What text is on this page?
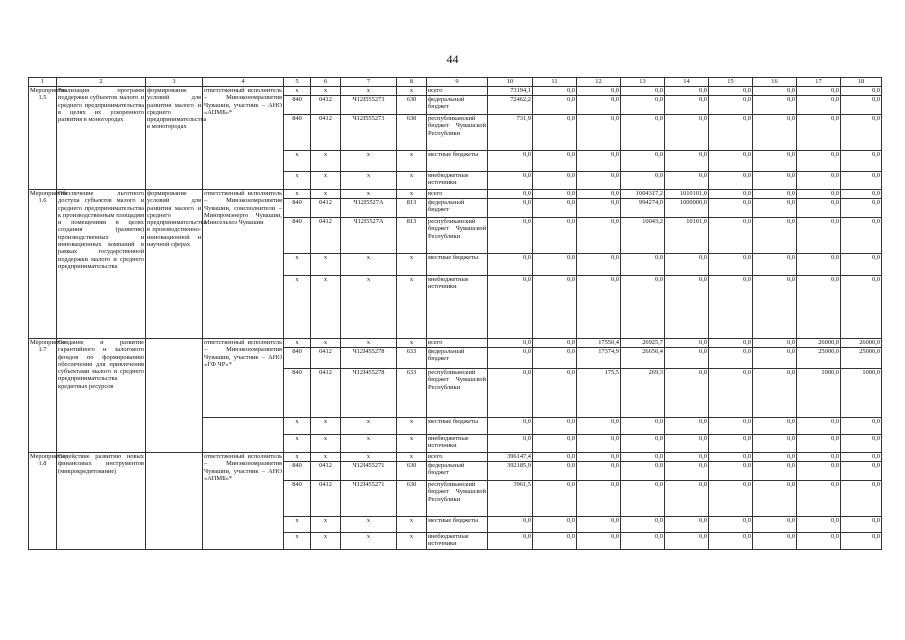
44
1	2	3	4	5	6	7	8	9	10	11	12	13	14	15	16	17	18
Мероприятие 1.5	Реализация программ поддержки субъектов малого и среднего предпринимательства в целях их ускоренного развития в моногородах	формирование условий для развития малого и среднего предпринимательства в моногородах	ответственный исполнитель – Минэкономразвития Чувашии, участник – АНО «АПМБ»*	x	x	x	x	всего	73194,1	0,0	0,0	0,0	0,0	0,0	0,0	0,0	0,0
				840	0412	Ч12I555273	630	федеральный бюджет	72462,2	0,0	0,0	0,0	0,0	0,0	0,0	0,0	0,0
				840	0412	Ч12I555273	630	республиканский бюджет Чувашской Республики	731,9	0,0	0,0	0,0	0,0	0,0	0,0	0,0	0,0
				x	x	x	x	местные бюджеты	0,0	0,0	0,0	0,0	0,0	0,0	0,0	0,0	0,0
				x	x	x	x	внебюджетные источники	0,0	0,0	0,0	0,0	0,0	0,0	0,0	0,0	0,0
Мероприятие 1.6	Обеспечение льготного доступа субъектов малого и среднего предпринимательства к производственным площадям и помещениям в целях создания (развития) производственных и инновационных компаний в рамках государственной поддержки малого и среднего предпринимательства	формирование условий для развития малого и среднего предпринимательства в производственно-инновационной и научной сферах	ответственный исполнитель – Минэкономразвития Чувашии, соисполнители – Минпромэнерго Чувашии, Минсельхоз Чувашии	x	x	x	x	всего	0,0	0,0	0,0	1004317,2	1010101,0	0,0	0,0	0,0	0,0
				840	0412	Ч12I5527А	813	федеральный бюджет	0,0	0,0	0,0	994274,0	1000000,0	0,0	0,0	0,0	0,0
				840	0412	Ч12I5527А	813	республиканский бюджет Чувашской Республики	0,0	0,0	0,0	10043,2	10101,0	0,0	0,0	0,0	0,0
				x	x	x	x	местные бюджеты	0,0	0,0	0,0	0,0	0,0	0,0	0,0	0,0	0,0
				x	x	x	x	внебюджетные источники	0,0	0,0	0,0	0,0	0,0	0,0	0,0	0,0	0,0
Мероприятие 1.7	Создание и развитие гарантийного и залогового фондов по формированию обеспечения для привлечения субъектами малого и среднего предпринимательства кредитных ресурсов		ответственный исполнитель – Минэкономразвития Чувашии, участник – АНО «ГФ ЧР»*	x	x	x	x	всего	0,0	0,0	17550,4	26925,7	0,0	0,0	0,0	26000,0	26000,0
				840	0412	Ч12I455278	633	федеральный бюджет	0,0	0,0	17374,9	26656,4	0,0	0,0	0,0	25000,0	25000,0
				840	0412	Ч12I455278	633	республиканский бюджет Чувашской Республики	0,0	0,0	175,5	269,3	0,0	0,0	0,0	1000,0	1000,0
				x	x	x	x	местные бюджеты	0,0	0,0	0,0	0,0	0,0	0,0	0,0	0,0	0,0
				x	x	x	x	внебюджетные источники	0,0	0,0	0,0	0,0	0,0	0,0	0,0	0,0	0,0
Мероприятие 1.8	Содействие развитию новых финансовых инструментов (микрокредитование)		ответственный исполнитель – Минэкономразвития Чувашии, участник – АНО «АПМБ»*	x	x	x	x	всего	396147,4	0,0	0,0	0,0	0,0	0,0	0,0	0,0	0,0
				840	0412	Ч12I455271	630	федеральный бюджет	392185,9	0,0	0,0	0,0	0,0	0,0	0,0	0,0	0,0
				840	0412	Ч12I455271	630	республиканский бюджет Чувашской Республики	3961,5	0,0	0,0	0,0	0,0	0,0	0,0	0,0	0,0
				x	x	x	x	местные бюджеты	0,0	0,0	0,0	0,0	0,0	0,0	0,0	0,0	0,0
				x	x	x	x	внебюджетные источники	0,0	0,0	0,0	0,0	0,0	0,0	0,0	0,0	0,0
